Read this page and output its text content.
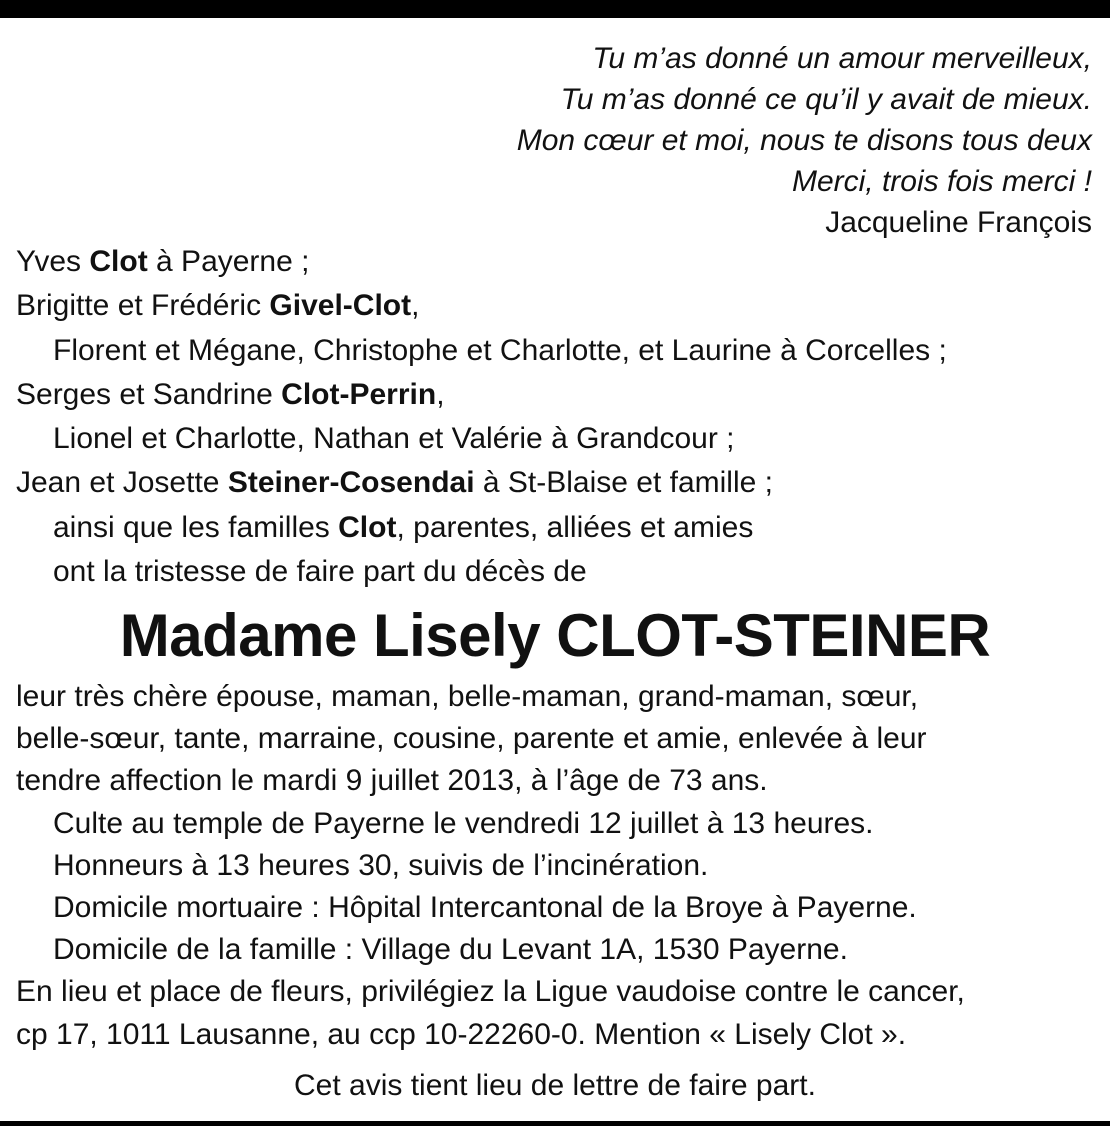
Tu m’as donné un amour merveilleux,
Tu m’as donné ce qu’il y avait de mieux.
Mon cœur et moi, nous te disons tous deux
Merci, trois fois merci !
Jacqueline François
Yves Clot à Payerne ;
Brigitte et Frédéric Givel-Clot,
Florent et Mégane, Christophe et Charlotte, et Laurine à Corcelles ;
Serges et Sandrine Clot-Perrin,
Lionel et Charlotte, Nathan et Valérie à Grandcour ;
Jean et Josette Steiner-Cosendai à St-Blaise et famille ;
ainsi que les familles Clot, parentes, alliées et amies
ont la tristesse de faire part du décès de
Madame Lisely CLOT-STEINER
leur très chère épouse, maman, belle-maman, grand-maman, sœur,
belle-sœur, tante, marraine, cousine, parente et amie, enlevée à leur
tendre affection le mardi 9 juillet 2013, à l’âge de 73 ans.
Culte au temple de Payerne le vendredi 12 juillet à 13 heures.
Honneurs à 13 heures 30, suivis de l’incinération.
Domicile mortuaire : Hôpital Intercantonal de la Broye à Payerne.
Domicile de la famille : Village du Levant 1A, 1530 Payerne.
En lieu et place de fleurs, privilégiez la Ligue vaudoise contre le cancer,
cp 17, 1011 Lausanne, au ccp 10-22260-0. Mention « Lisely Clot ».
Cet avis tient lieu de lettre de faire part.
